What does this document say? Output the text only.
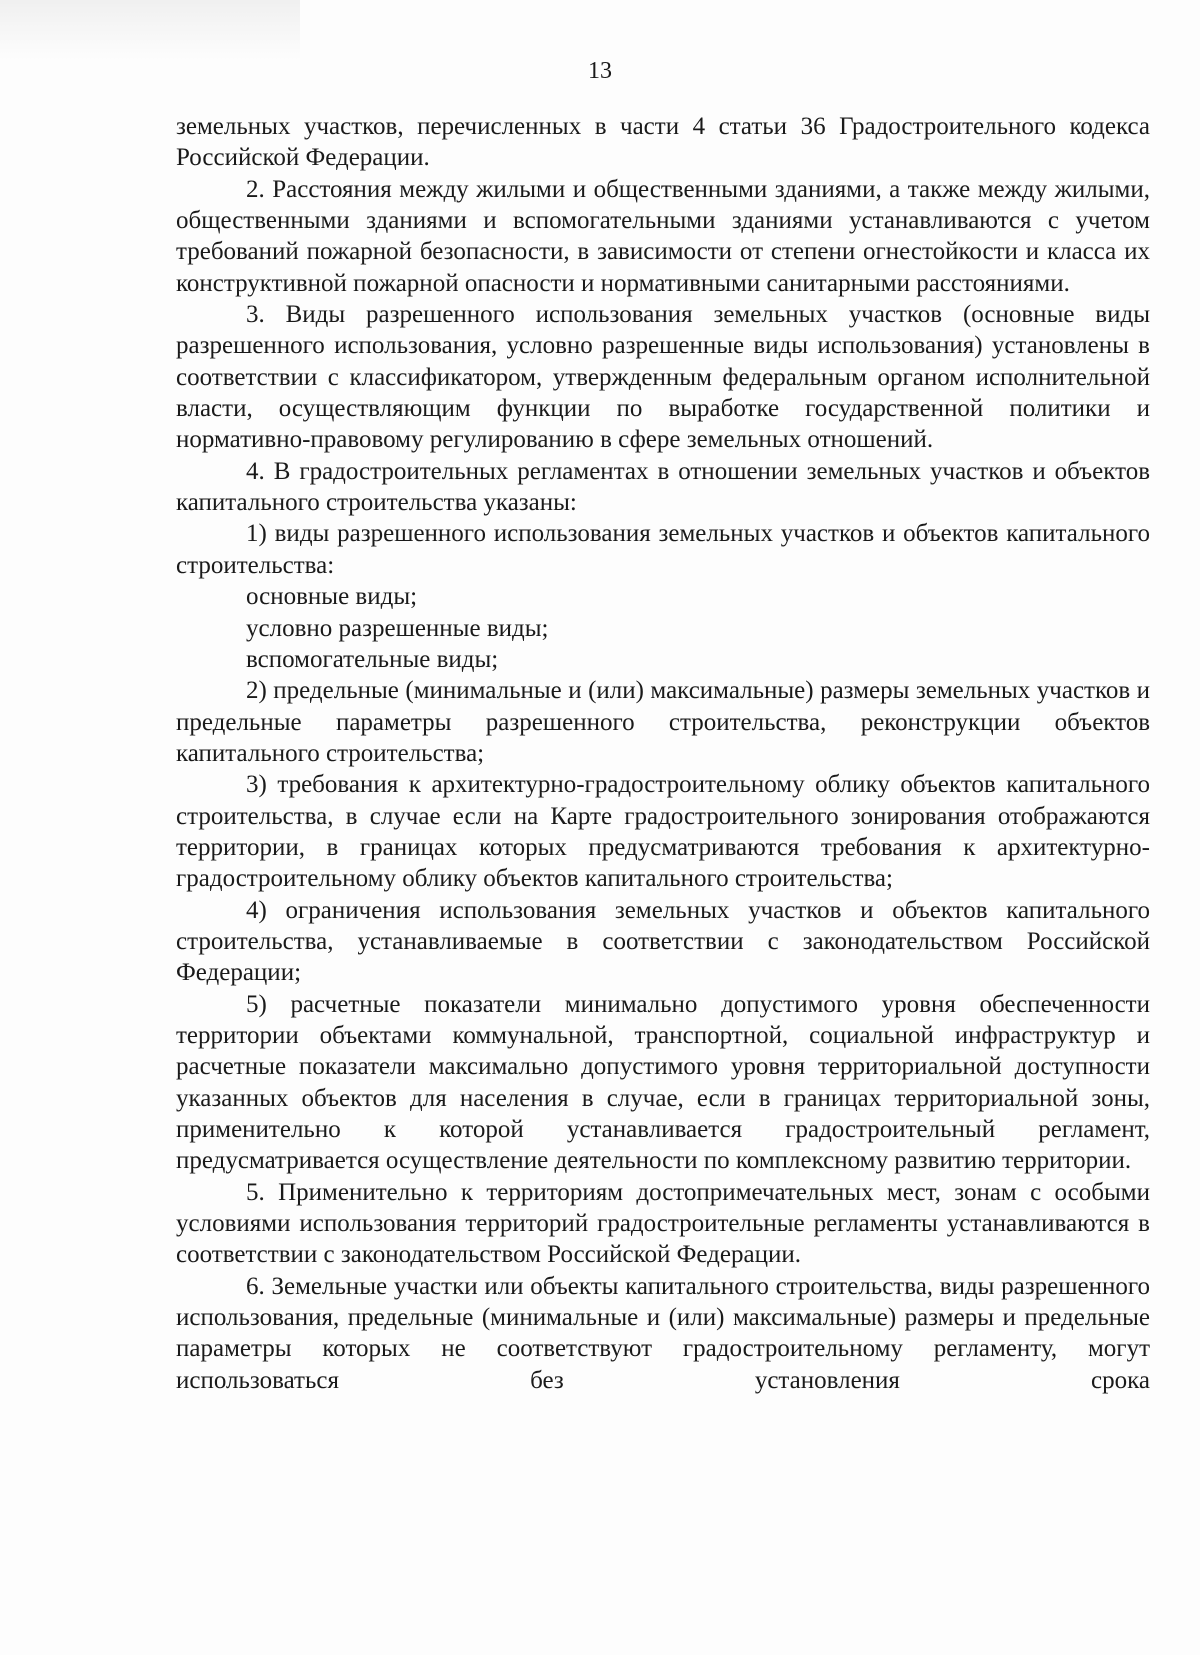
13

земельных участков, перечисленных в части 4 статьи 36 Градостроительного кодекса Российской Федерации.

2. Расстояния между жилыми и общественными зданиями, а также между жилыми, общественными зданиями и вспомогательными зданиями устанавливаются с учетом требований пожарной безопасности, в зависимости от степени огнестойкости и класса их конструктивной пожарной опасности и нормативными санитарными расстояниями.

3. Виды разрешенного использования земельных участков (основные виды разрешенного использования, условно разрешенные виды использования) установлены в соответствии с классификатором, утвержденным федеральным органом исполнительной власти, осуществляющим функции по выработке государственной политики и нормативно-правовому регулированию в сфере земельных отношений.

4. В градостроительных регламентах в отношении земельных участков и объектов капитального строительства указаны:

1) виды разрешенного использования земельных участков и объектов капитального строительства:

основные виды;

условно разрешенные виды;

вспомогательные виды;

2) предельные (минимальные и (или) максимальные) размеры земельных участков и предельные параметры разрешенного строительства, реконструкции объектов капитального строительства;

3) требования к архитектурно-градостроительному облику объектов капитального строительства, в случае если на Карте градостроительного зонирования отображаются территории, в границах которых предусматриваются требования к архитектурно-градостроительному облику объектов капитального строительства;

4) ограничения использования земельных участков и объектов капитального строительства, устанавливаемые в соответствии с законодательством Российской Федерации;

5) расчетные показатели минимально допустимого уровня обеспеченности территории объектами коммунальной, транспортной, социальной инфраструктур и расчетные показатели максимально допустимого уровня территориальной доступности указанных объектов для населения в случае, если в границах территориальной зоны, применительно к которой устанавливается градостроительный регламент, предусматривается осуществление деятельности по комплексному развитию территории.

5. Применительно к территориям достопримечательных мест, зонам с особыми условиями использования территорий градостроительные регламенты устанавливаются в соответствии с законодательством Российской Федерации.

6. Земельные участки или объекты капитального строительства, виды разрешенного использования, предельные (минимальные и (или) максимальные) размеры и предельные параметры которых не соответствуют градостроительному регламенту, могут использоваться без установления срока
